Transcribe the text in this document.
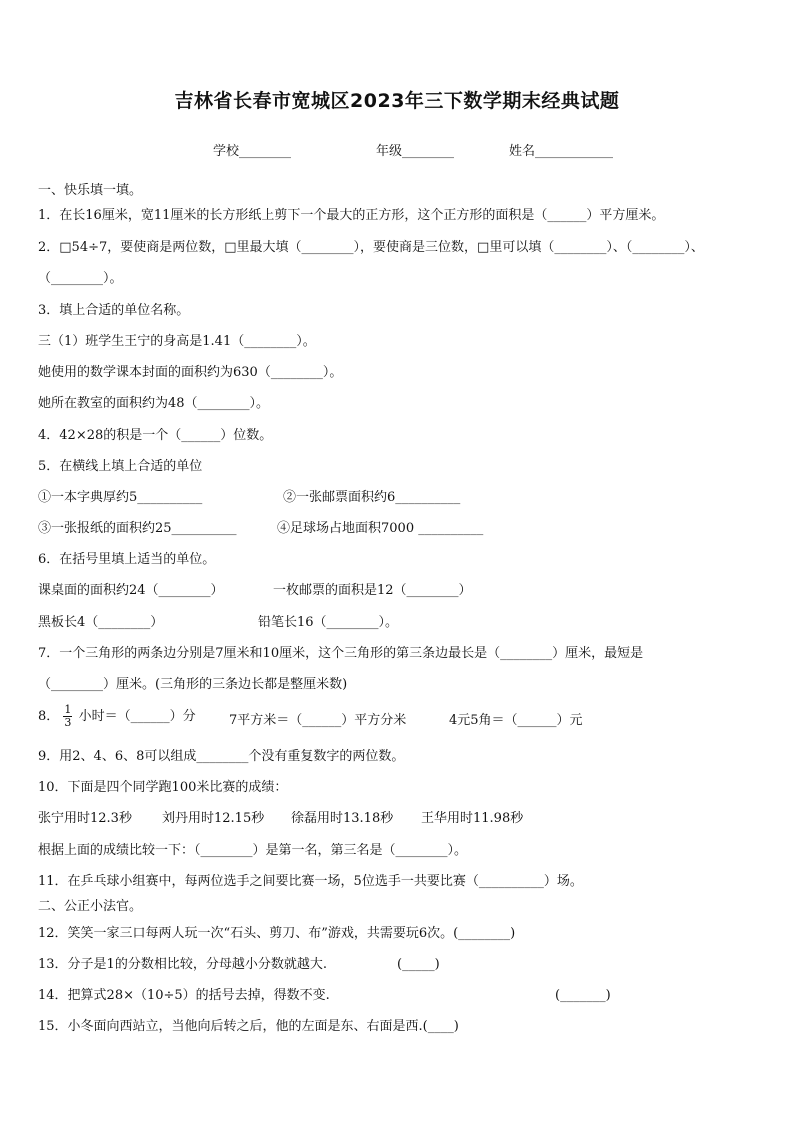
吉林省长春市宽城区2023年三下数学期末经典试题
学校________	年级________	姓名____________
一、快乐填一填。
1．在长16厘米，宽11厘米的长方形纸上剪下一个最大的正方形，这个正方形的面积是（______）平方厘米。
2．□54÷7，要使商是两位数，□里最大填（________），要使商是三位数，□里可以填（________）、（________）、
（________）。
3．填上合适的单位名称。
三（1）班学生王宁的身高是1.41（________）。
她使用的数学课本封面的面积约为630（________）。
她所在教室的面积约为48（________）。
4．42×28的积是一个（______）位数。
5．在横线上填上合适的单位
①一本字典厚约5__________	②一张邮票面积约6__________
③一张报纸的面积约25__________	④足球场占地面积7000 __________
6．在括号里填上适当的单位。
课桌面的面积约24（________）	一枚邮票的面积是12（________）
黑板长4（________）	铅笔长16（________）。
7．一个三角形的两条边分别是7厘米和10厘米，这个三角形的第三条边最长是（________）厘米，最短是
（________）厘米。(三角形的三条边长都是整厘米数)
8． $\frac{1}{3}$ 小时＝（______）分	7平方米＝（______）平方分米	4元5角＝（______）元
9．用2、4、6、8可以组成________个没有重复数字的两位数。
10．下面是四个同学跑100米比赛的成绩：
张宁用时12.3秒 刘丹用时12.15秒 徐磊用时13.18秒 王华用时11.98秒
根据上面的成绩比较一下：（________）是第一名，第三名是（________）。
11．在乒乓球小组赛中，每两位选手之间要比赛一场，5位选手一共要比赛（__________）场。
二、公正小法官。
12．笑笑一家三口每两人玩一次“石头、剪刀、布”游戏，共需要玩6次。(________)
13．分子是1的分数相比较，分母越小分数就越大.	(_____)
14．把算式28×（10÷5）的括号去掉，得数不变.	(_______)
15．小冬面向西站立，当他向后转之后，他的左面是东、右面是西.(____)
